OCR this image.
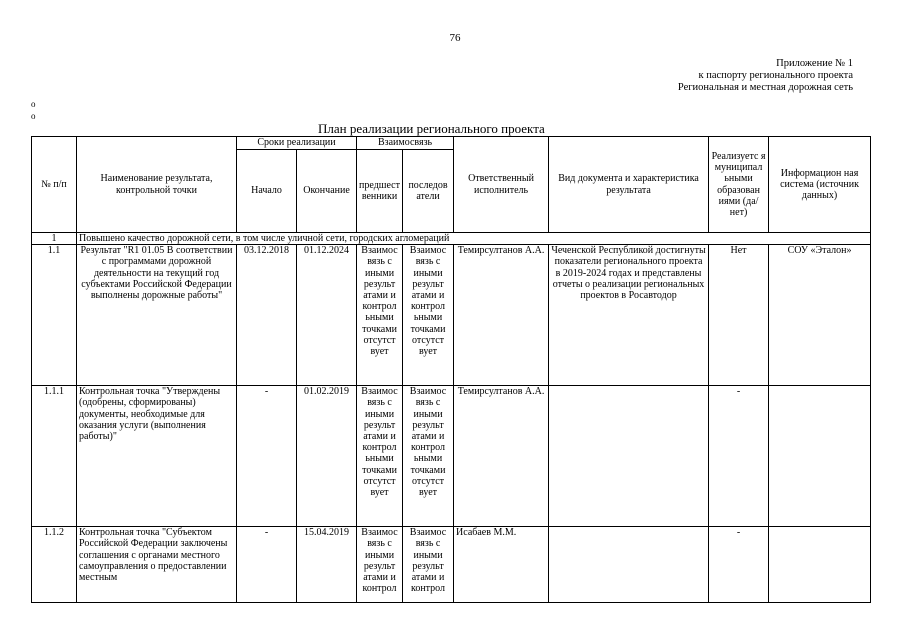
76
Приложение № 1
к паспорту регионального проекта
Региональная и местная дорожная сеть
o
o
План реализации регионального проекта
№ п/п	Наименование результата, контрольной точки	Сроки реализации		Взаимосвязь		Ответственный исполнитель	Вид документа и характеристика результата	Реализуетс я муниципал ьными образован иями (да/нет)	Информацион ная система (источник данных)
		Начало	Окончание	предшест венники	последов атели				
1	Повышено качество дорожной сети, в том числе уличной сети, городских агломераций								
1.1	Результат "R1 01.05 В соответствии с программами дорожной деятельности на текущий год субъектами Российской Федерации выполнены дорожные работы"	03.12.2018	01.12.2024	Взаимос вязь с иными результ атами и контрол ьными точками отсутст вует	Взаимос вязь с иными результ атами и контрол ьными точками отсутст вует	Темирсултанов А.А.	Чеченской Республикой достигнуты показатели регионального проекта в 2019-2024 годах и представлены отчеты о реализации региональных проектов в Росавтодор	Нет	СОУ «Эталон»
1.1.1	Контрольная точка "Утверждены (одобрены, сформированы) документы, необходимые для оказания услуги (выполнения работы)"	-	01.02.2019	Взаимос вязь с иными результ атами и контрол ьными точками отсутст вует	Взаимос вязь с иными результ атами и контрол ьными точками отсутст вует	Темирсултанов А.А.		-	
1.1.2	Контрольная точка "Субъектом Российской Федерации заключены соглашения с органами местного самоуправления о предоставлении местным	-	15.04.2019	Взаимос вязь с иными результ атами и контрол	Взаимос вязь с иными результ атами и контрол	Исабаев М.М.		-	
